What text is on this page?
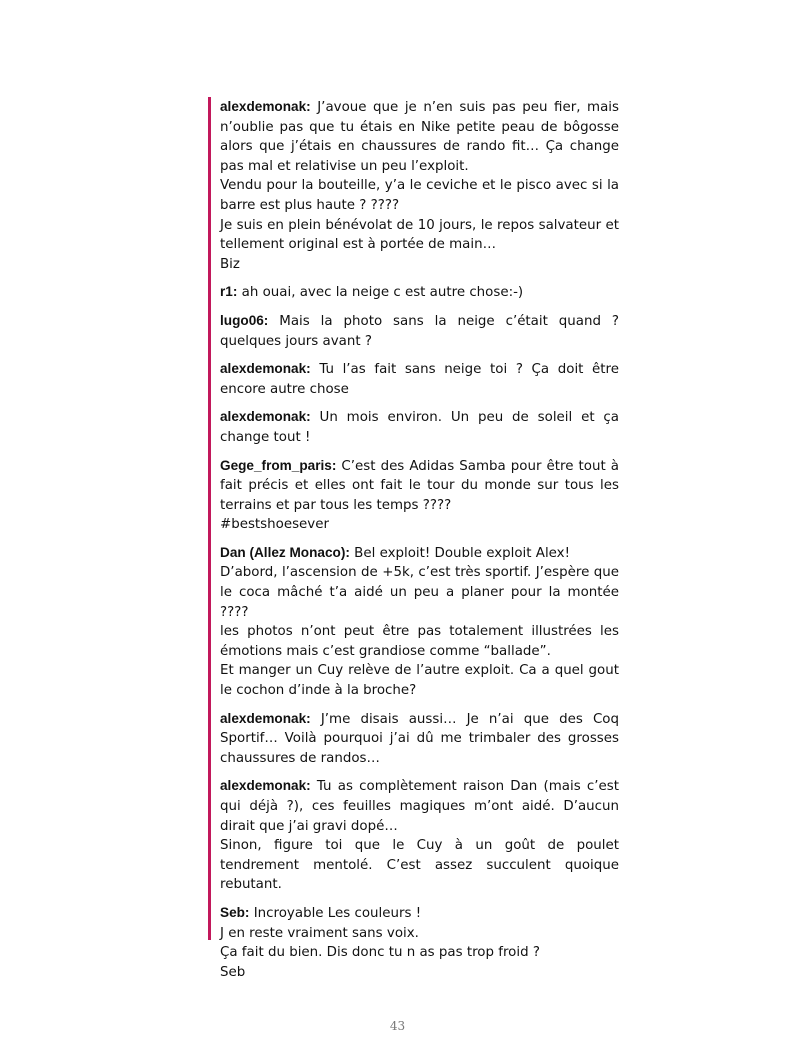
alexdemonak: J’avoue que je n’en suis pas peu fier, mais n’oublie pas que tu étais en Nike petite peau de bôgosse alors que j’étais en chaussures de rando fit… Ça change pas mal et relativise un peu l’exploit.
Vendu pour la bouteille, y’a le ceviche et le pisco avec si la barre est plus haute ? ????
Je suis en plein bénévolat de 10 jours, le repos salvateur et tellement original est à portée de main…
Biz
r1: ah ouai, avec la neige c est autre chose:-)
lugo06: Mais la photo sans la neige c’était quand ? quelques jours avant ?
alexdemonak: Tu l’as fait sans neige toi ? Ça doit être encore autre chose
alexdemonak: Un mois environ. Un peu de soleil et ça change tout !
Gege_from_paris: C’est des Adidas Samba pour être tout à fait précis et elles ont fait le tour du monde sur tous les terrains et par tous les temps ????
#bestshoesever
Dan (Allez Monaco): Bel exploit! Double exploit Alex!
D’abord, l’ascension de +5k, c’est très sportif. J’espère que le coca mâché t’a aidé un peu a planer pour la montée ????
les photos n’ont peut être pas totalement illustrées les émotions mais c’est grandiose comme “ballade”.
Et manger un Cuy relève de l’autre exploit. Ca a quel gout le cochon d’inde à la broche?
alexdemonak: J’me disais aussi… Je n’ai que des Coq Sportif… Voilà pourquoi j’ai dû me trimbaler des grosses chaussures de randos…
alexdemonak: Tu as complètement raison Dan (mais c’est qui déjà ?), ces feuilles magiques m’ont aidé. D’aucun dirait que j’ai gravi dopé…
Sinon, figure toi que le Cuy à un goût de poulet tendrement mentolé. C’est assez succulent quoique rebutant.
Seb: Incroyable Les couleurs !
J en reste vraiment sans voix.
Ça fait du bien. Dis donc tu n as pas trop froid ?
Seb
43
